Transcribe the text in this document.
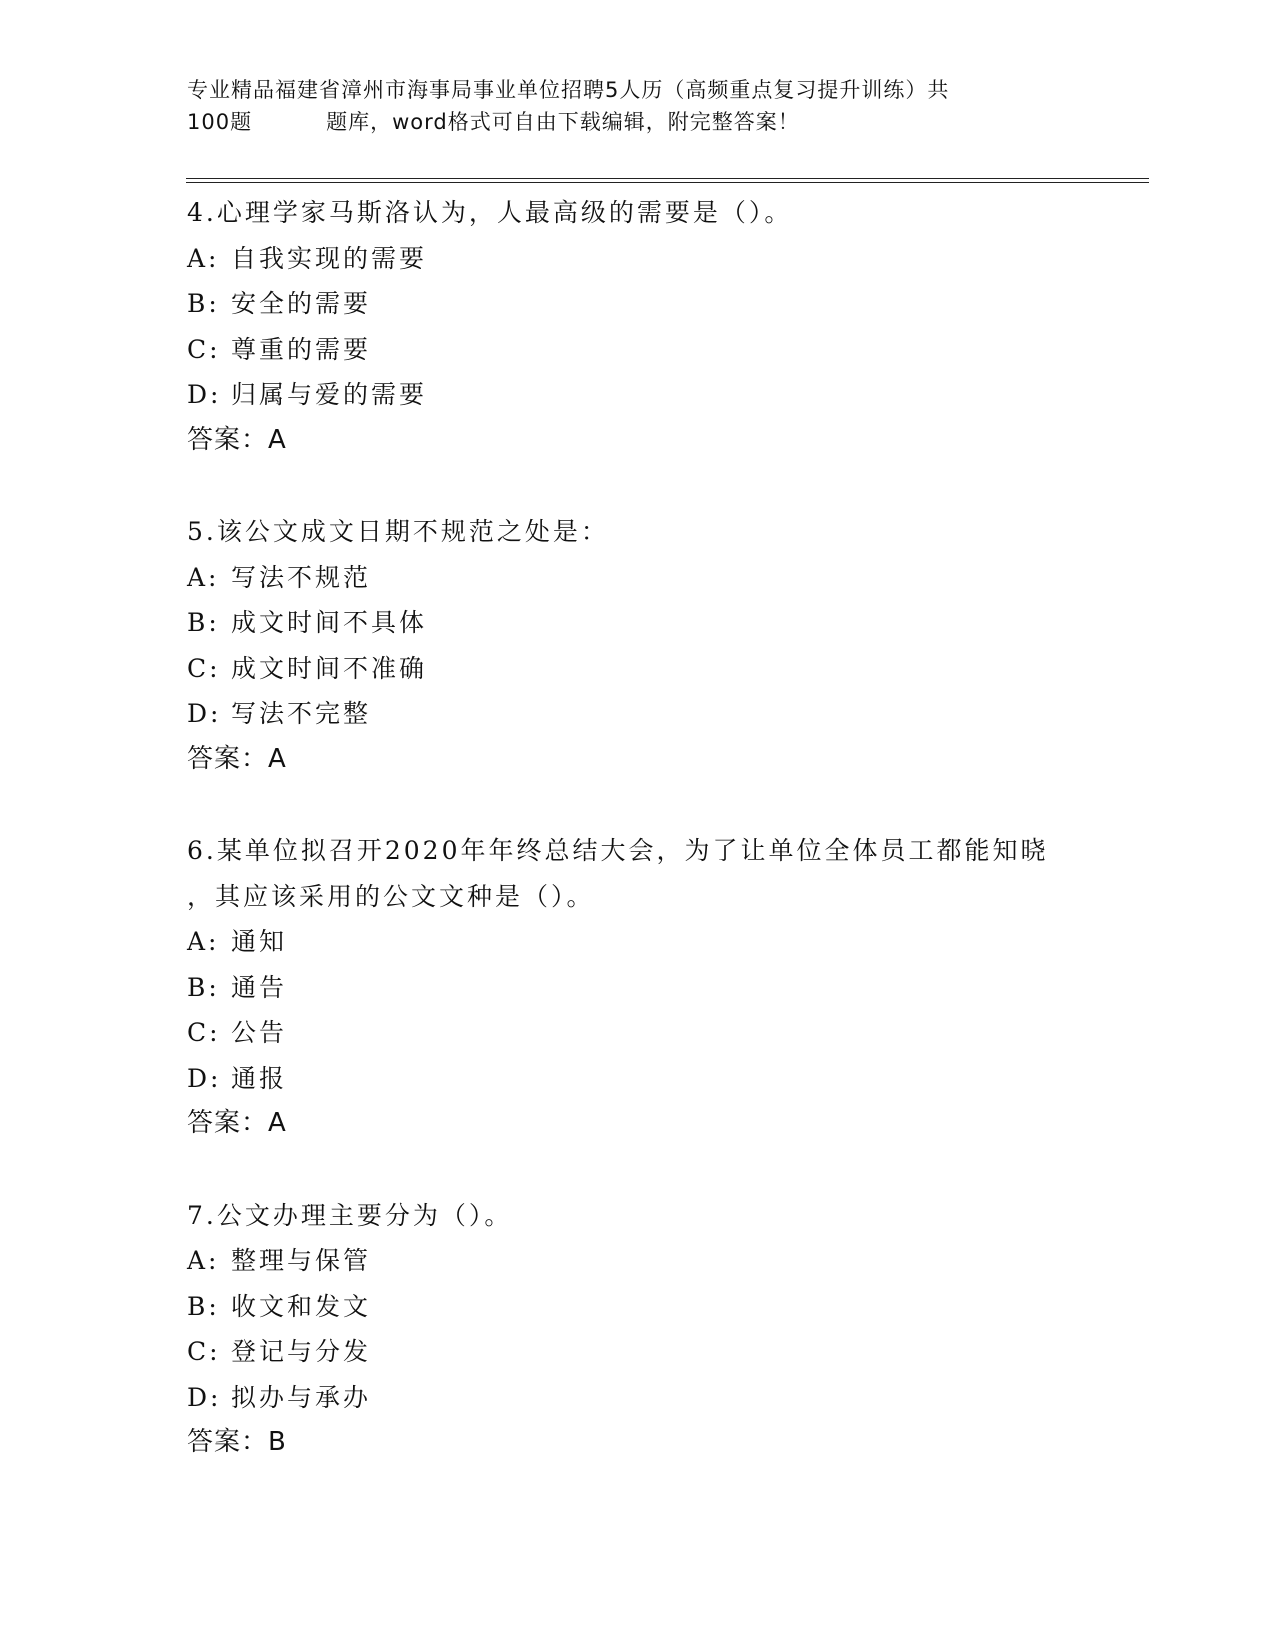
专业精品福建省漳州市海事局事业单位招聘5人历（高频重点复习提升训练）共
100题	题库，word格式可自由下载编辑，附完整答案！

4.心理学家马斯洛认为，人最高级的需要是（）。

A: 自我实现的需要

B: 安全的需要

C: 尊重的需要

D: 归属与爱的需要

答案：A

5.该公文成文日期不规范之处是：

A: 写法不规范

B: 成文时间不具体

C: 成文时间不准确

D: 写法不完整

答案：A

6.某单位拟召开2020年年终总结大会，为了让单位全体员工都能知晓

，其应该采用的公文文种是（）。

A: 通知

B: 通告

C: 公告

D: 通报

答案：A

7.公文办理主要分为（）。

A: 整理与保管

B: 收文和发文

C: 登记与分发

D: 拟办与承办

答案：B
